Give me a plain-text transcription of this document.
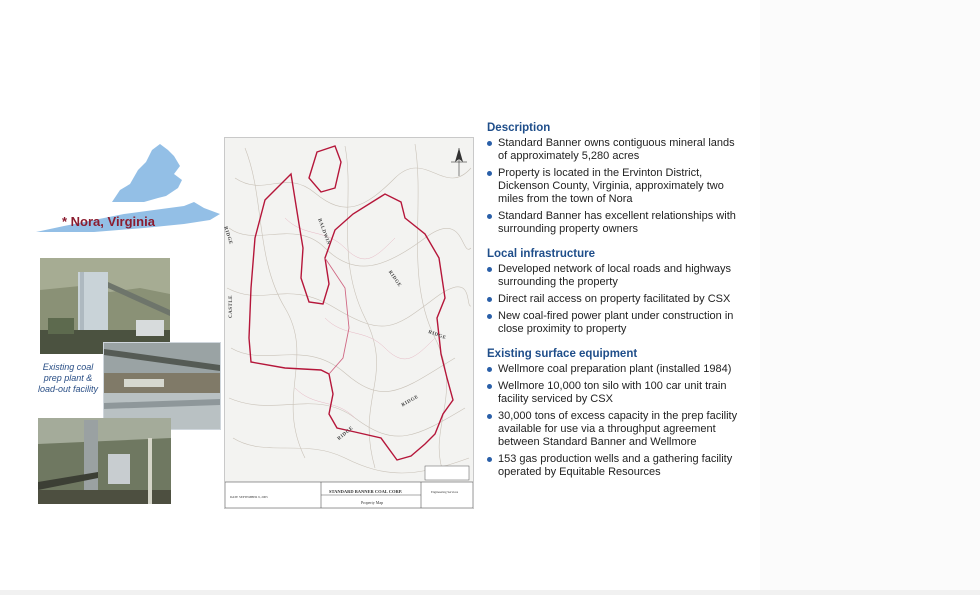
* Nora, Virginia
Existing coal prep plant & load-out facility
RIDGE	BALDWIN
RIDGE
CASTLE
RIDGE
RIDGE
RIDGE
DATE SEPTEMBER 9, 2005
STANDARD BANNER COAL CORP.
Property Map
Engineering Services
Description
Standard Banner owns contiguous mineral lands of approximately 5,280 acres
Property is located in the Ervinton District, Dickenson County, Virginia, approximately two miles from the town of Nora
Standard Banner has excellent relationships with surrounding property owners
Local infrastructure
Developed network of local roads and highways surrounding the property
Direct rail access on property facilitated by CSX
New coal-fired power plant under construction in close proximity to property
Existing surface equipment
Wellmore coal preparation plant (installed 1984)
Wellmore 10,000 ton silo with 100 car unit train facility serviced by CSX
30,000 tons of excess capacity in the prep facility available for use via a throughput agreement between Standard Banner and Wellmore
153 gas production wells and a gathering facility operated by Equitable Resources
